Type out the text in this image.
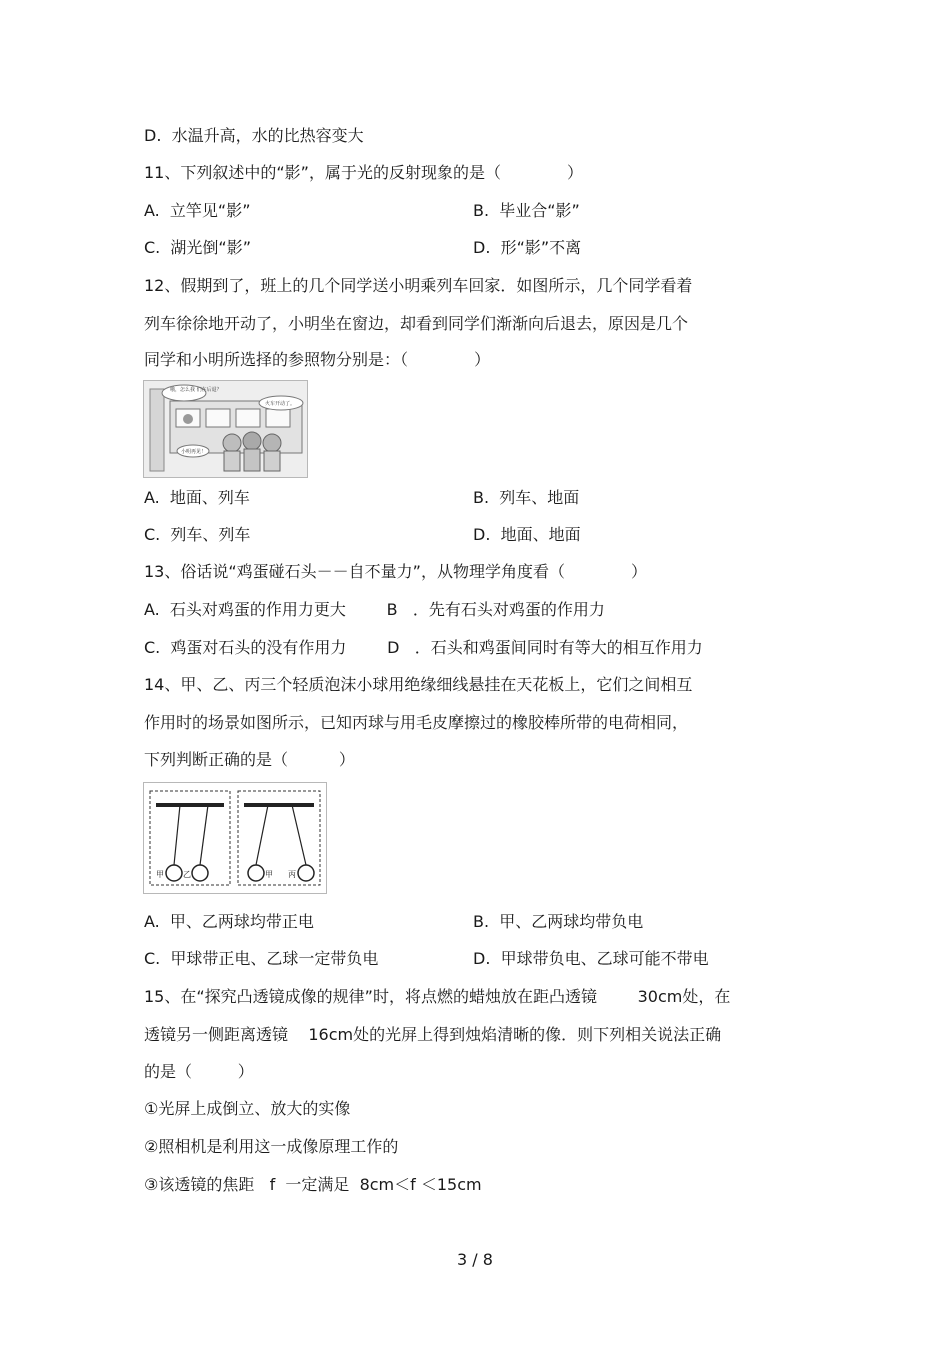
D.  水温升高，水的比热容变大
11、下列叙述中的“影”，属于光的反射现象的是（             ）
A.  立竿见“影”	B.  毕业合“影”
C.  湖光倒“影”	D.  形“影”不离
12、假期到了，班上的几个同学送小明乘列车回家．如图所示，几个同学看着
列车徐徐地开动了，小明坐在窗边，却看到同学们渐渐向后退去，原因是几个
同学和小明所选择的参照物分别是：（             ）
哦，怎么我 们在后退？
火车开动了。
小明再见！
A.  地面、列车	B.  列车、地面
C.  列车、列车	D.  地面、地面
13、俗话说“鸡蛋碰石头－－自不量力”，从物理学角度看（             ）
A.  石头对鸡蛋的作用力更大        B   ．先有石头对鸡蛋的作用力
C.  鸡蛋对石头的没有作用力        D   ．石头和鸡蛋间同时有等大的相互作用力
14、甲、乙、丙三个轻质泡沫小球用绝缘细线悬挂在天花板上，它们之间相互
作用时的场景如图所示，已知丙球与用毛皮摩擦过的橡胶棒所带的电荷相同，
下列判断正确的是（          ）
甲 乙	甲 丙
A.  甲、乙两球均带正电	B.  甲、乙两球均带负电
C.  甲球带正电、乙球一定带负电	D.  甲球带负电、乙球可能不带电
15、在“探究凸透镜成像的规律”时，将点燃的蜡烛放在距凸透镜        30cm处，在
透镜另一侧距离透镜    16cm处的光屏上得到烛焰清晰的像．则下列相关说法正确
的是（         ）
①光屏上成倒立、放大的实像
②照相机是利用这一成像原理工作的
③该透镜的焦距   f  一定满足  8cm＜f ＜15cm
3 / 8
